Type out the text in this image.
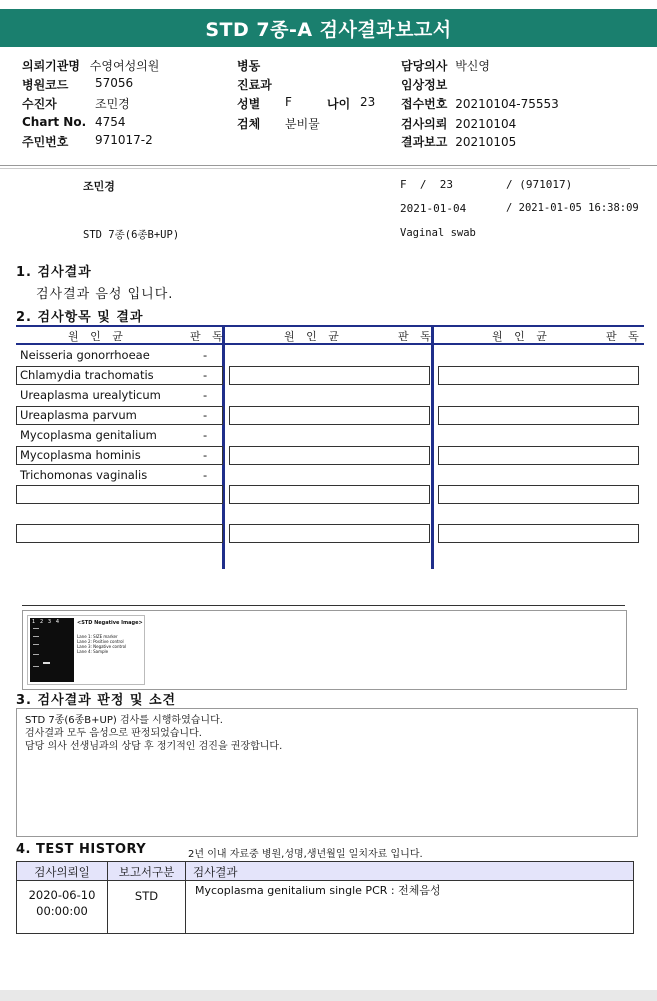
STD 7종-A 검사결과보고서
의뢰기관명 수영여성의원
병원코드 57056
수진자	조민경
Chart No. 4754
주민번호 971017-2
병동
진료과
성별 F	나이 23
검체 분비물
담당의사 박신영
임상정보
접수번호 20210104-75553
검사의뢰 20210104
결과보고 20210105
조민경	F  /  23	/ (971017)
2021-01-04	/ 2021-01-05 16:38:09
STD 7종(6종B+UP)	Vaginal swab
1. 검사결과
검사결과 음성 입니다.
2. 검사항목 및 결과
원 인 균	판 독	원 인 균	판 독	원 인 균	판 독
Neisseria gonorrhoeae	-
Chlamydia trachomatis	-
Ureaplasma urealyticum	-
Ureaplasma parvum	-
Mycoplasma genitalium	-
Mycoplasma hominis	-
Trichomonas vaginalis	-
1   2   3   4	<STD Negative Image>
Lane 1: SIZE marker
Lane 2: Positive control
Lane 3: Negative control
Lane 4: Sample
3. 검사결과 판정 및 소견
STD 7종(6종B+UP) 검사를 시행하였습니다.
검사결과 모두 음성으로 판정되었습니다.
담당 의사 선생님과의 상담 후 정기적인 검진을 권장합니다.
4. TEST HISTORY	2년 이내 자료중 병원,성명,생년월일 일치자료 입니다.
검사의뢰일	보고서구분	검사결과
2020-06-10
00:00:00
STD	Mycoplasma genitalium single PCR : 전체음성
